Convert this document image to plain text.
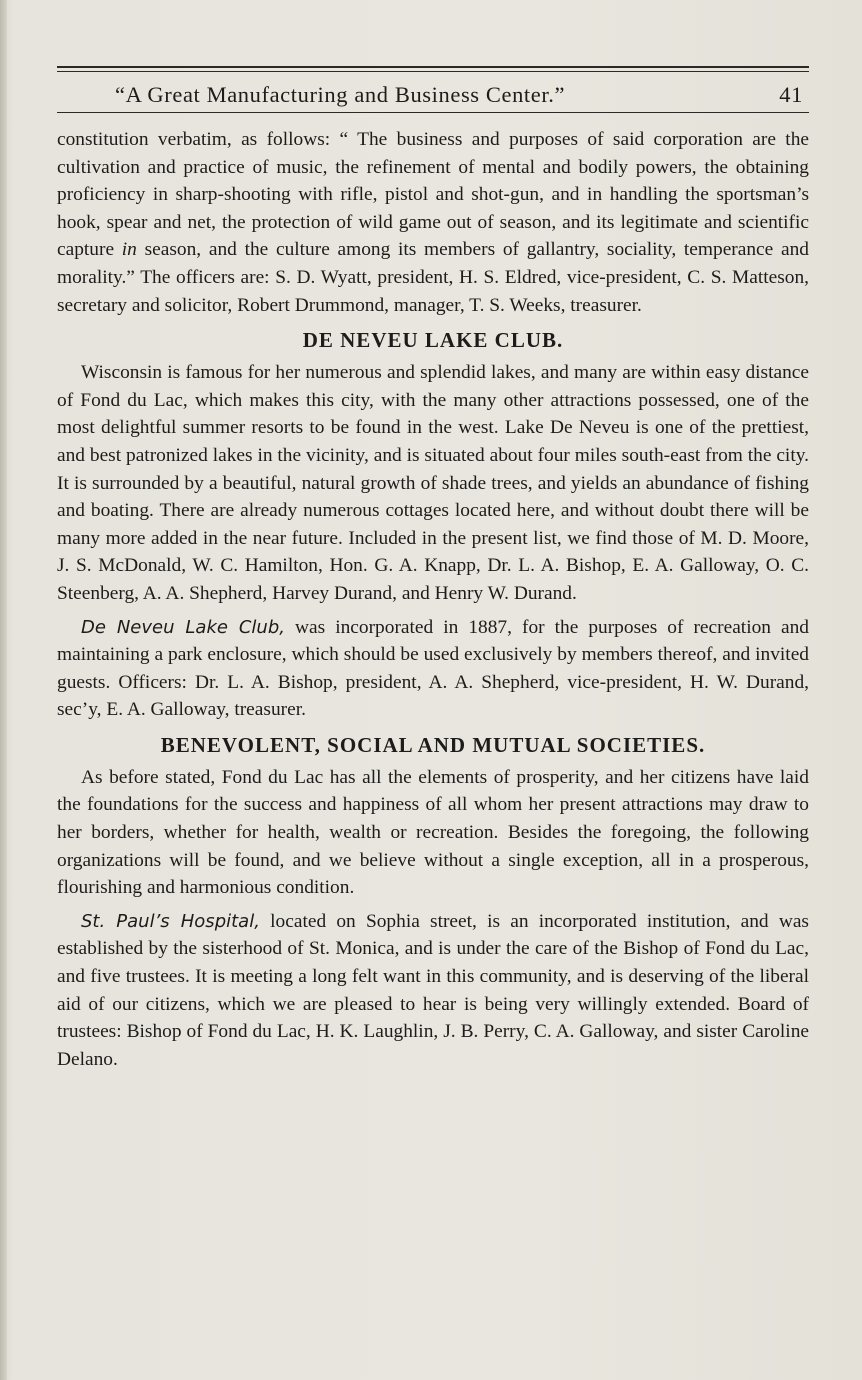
“A Great Manufacturing and Business Center.”	41

constitution verbatim, as follows: “ The business and purposes of said corporation are the cultivation and practice of music, the refinement of mental and bodily powers, the obtaining proficiency in sharp-shooting with rifle, pistol and shot-gun, and in handling the sportsman’s hook, spear and net, the protection of wild game out of season, and its legitimate and scientific capture in season, and the culture among its members of gallantry, sociality, temperance and morality.” The officers are: S. D. Wyatt, president, H. S. Eldred, vice-president, C. S. Matteson, secretary and solicitor, Robert Drummond, manager, T. S. Weeks, treasurer.

DE NEVEU LAKE CLUB.

Wisconsin is famous for her numerous and splendid lakes, and many are within easy distance of Fond du Lac, which makes this city, with the many other attractions possessed, one of the most delightful summer resorts to be found in the west. Lake De Neveu is one of the prettiest, and best patronized lakes in the vicinity, and is situated about four miles south-east from the city. It is surrounded by a beautiful, natural growth of shade trees, and yields an abundance of fishing and boating. There are already numerous cottages located here, and without doubt there will be many more added in the near future. Included in the present list, we find those of M. D. Moore, J. S. McDonald, W. C. Hamilton, Hon. G. A. Knapp, Dr. L. A. Bishop, E. A. Galloway, O. C. Steenberg, A. A. Shepherd, Harvey Durand, and Henry W. Durand.

De Neveu Lake Club, was incorporated in 1887, for the purposes of recreation and maintaining a park enclosure, which should be used exclusively by members thereof, and invited guests. Officers: Dr. L. A. Bishop, president, A. A. Shepherd, vice-president, H. W. Durand, sec’y, E. A. Galloway, treasurer.

BENEVOLENT, SOCIAL AND MUTUAL SOCIETIES.

As before stated, Fond du Lac has all the elements of prosperity, and her citizens have laid the foundations for the success and happiness of all whom her present attractions may draw to her borders, whether for health, wealth or recreation. Besides the foregoing, the following organizations will be found, and we believe without a single exception, all in a prosperous, flourishing and harmonious condition.

St. Paul’s Hospital, located on Sophia street, is an incorporated institution, and was established by the sisterhood of St. Monica, and is under the care of the Bishop of Fond du Lac, and five trustees. It is meeting a long felt want in this community, and is deserving of the liberal aid of our citizens, which we are pleased to hear is being very willingly extended. Board of trustees: Bishop of Fond du Lac, H. K. Laughlin, J. B. Perry, C. A. Galloway, and sister Caroline Delano.
